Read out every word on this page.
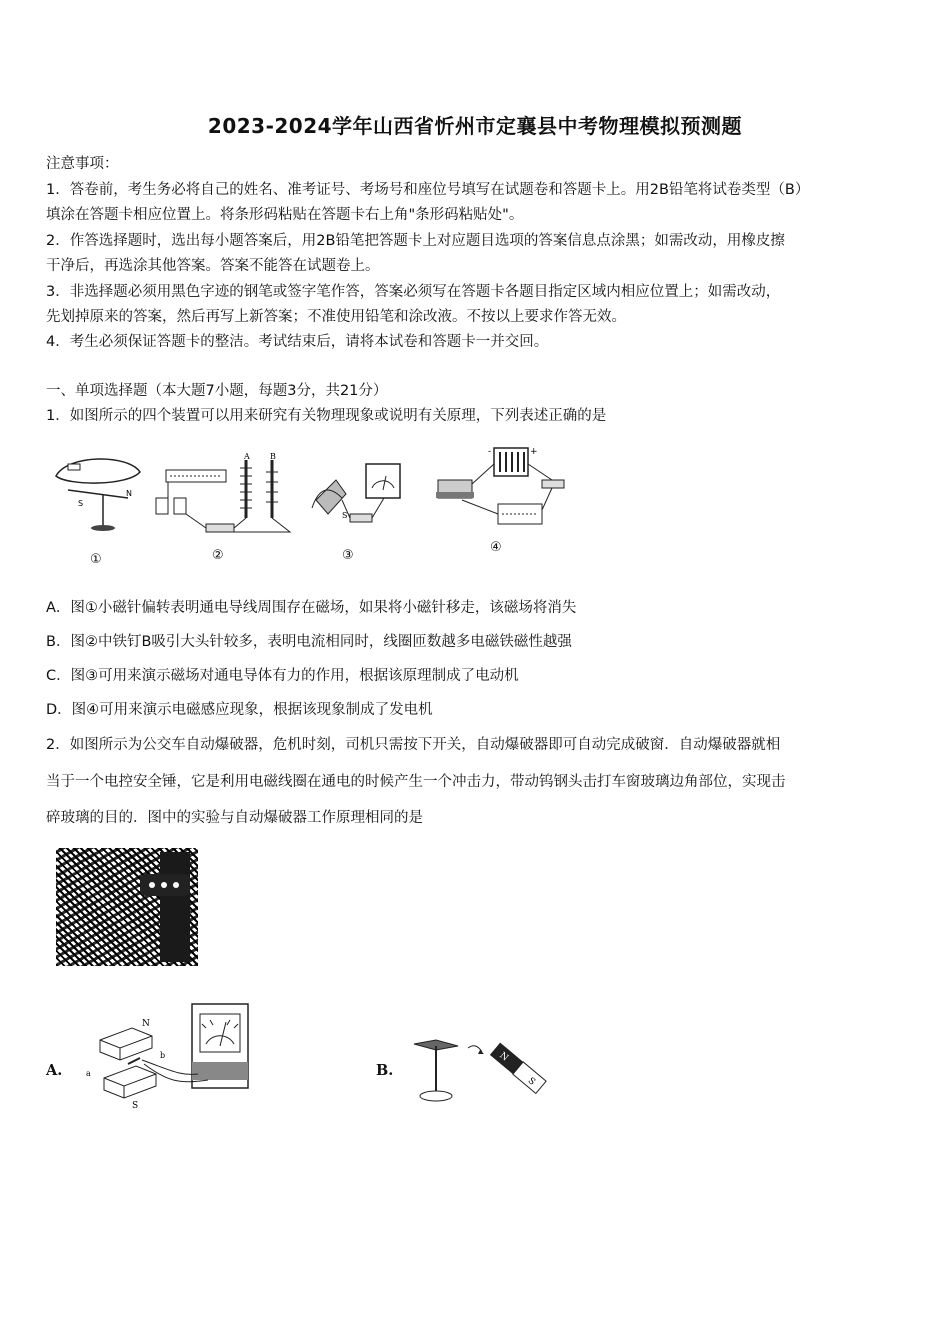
2023-2024学年山西省忻州市定襄县中考物理模拟预测题
注意事项：
1．答卷前，考生务必将自己的姓名、准考证号、考场号和座位号填写在试题卷和答题卡上。用2B铅笔将试卷类型（B）
填涂在答题卡相应位置上。将条形码粘贴在答题卡右上角"条形码粘贴处"。
2．作答选择题时，选出每小题答案后，用2B铅笔把答题卡上对应题目选项的答案信息点涂黑；如需改动，用橡皮擦
干净后，再选涂其他答案。答案不能答在试题卷上。
3．非选择题必须用黑色字迹的钢笔或签字笔作答，答案必须写在答题卡各题目指定区域内相应位置上；如需改动，
先划掉原来的答案，然后再写上新答案；不准使用铅笔和涂改液。不按以上要求作答无效。
4．考生必须保证答题卡的整洁。考试结束后，请将本试卷和答题卡一并交回。
一、单项选择题（本大题7小题，每题3分，共21分）
1．如图所示的四个装置可以用来研究有关物理现象或说明有关原理，下列表述正确的是
S
N
①
A	B
②
S
③
+
-
④
A．图①小磁针偏转表明通电导线周围存在磁场，如果将小磁针移走，该磁场将消失
B．图②中铁钉B吸引大头针较多，表明电流相同时，线圈匝数越多电磁铁磁性越强
C．图③可用来演示磁场对通电导体有力的作用，根据该原理制成了电动机
D．图④可用来演示电磁感应现象，根据该现象制成了发电机
2．如图所示为公交车自动爆破器，危机时刻，司机只需按下开关，自动爆破器即可自动完成破窗．自动爆破器就相
当于一个电控安全锤，它是利用电磁线圈在通电的时候产生一个冲击力，带动钨钢头击打车窗玻璃边角部位，实现击
碎玻璃的目的．图中的实验与自动爆破器工作原理相同的是
A.	a
b
S
N
B.
N
S
